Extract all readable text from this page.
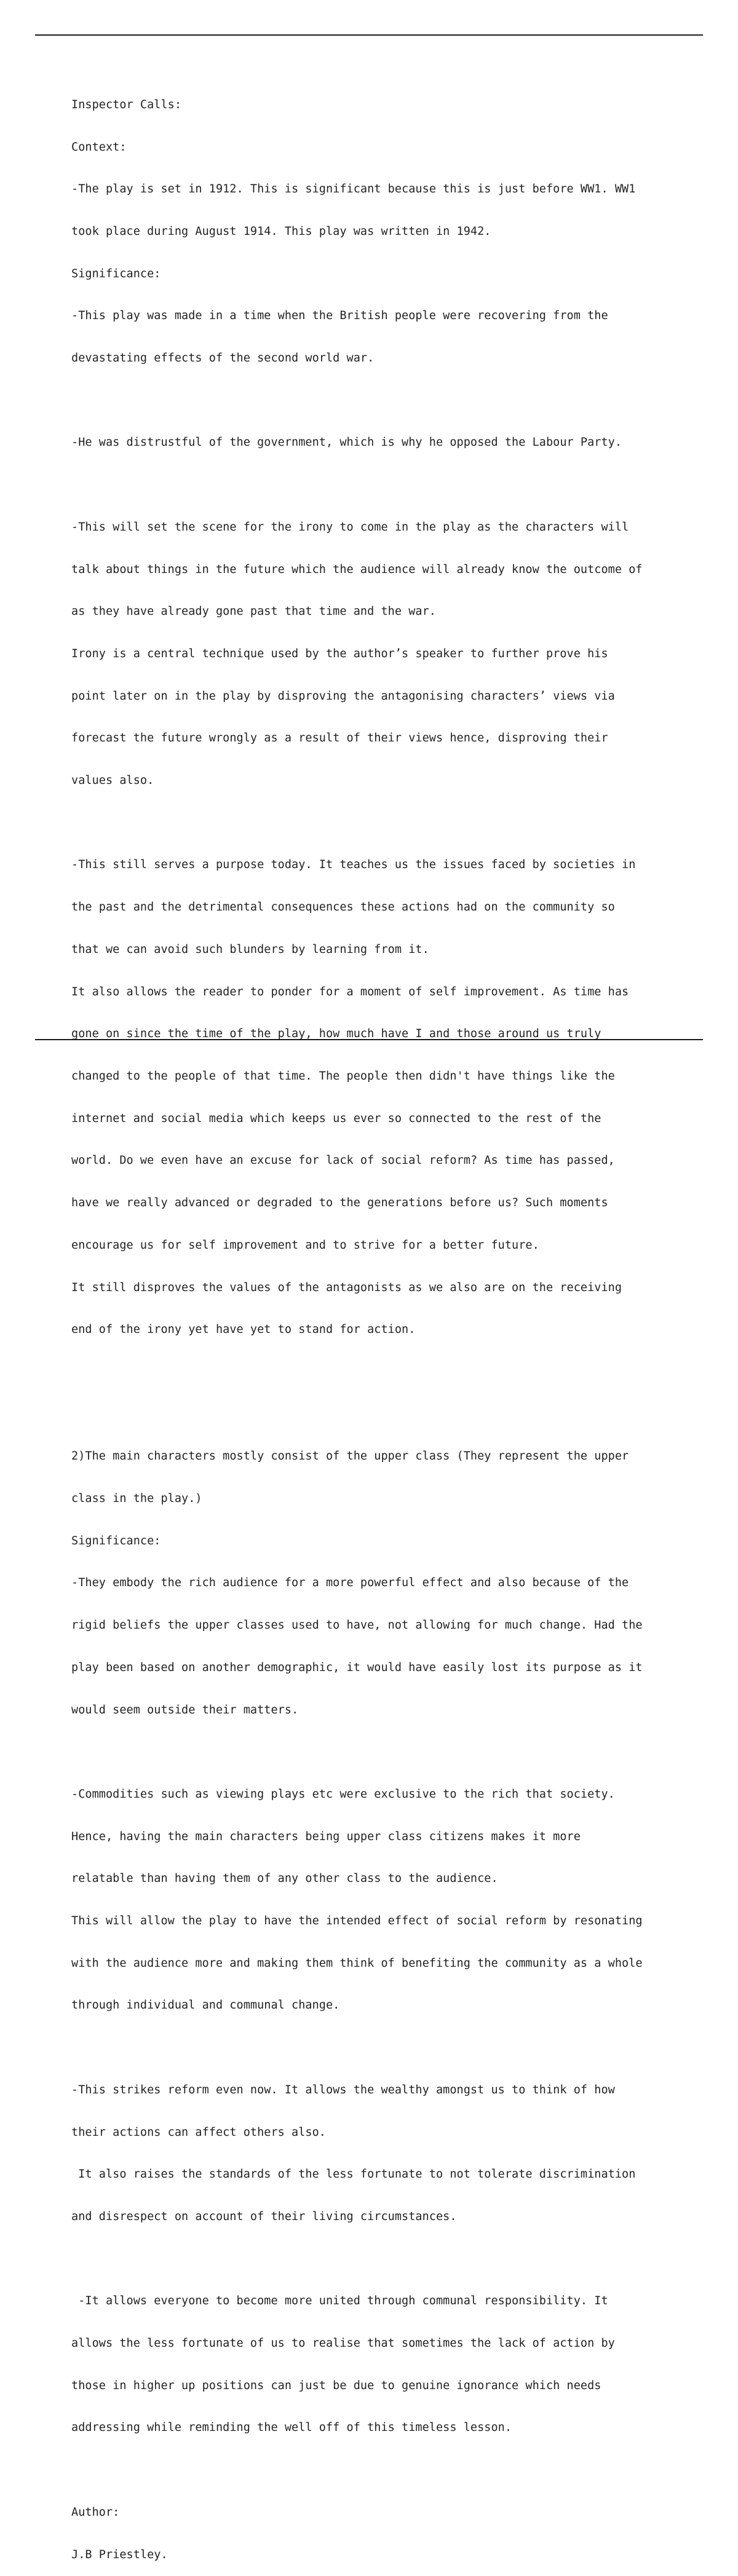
Inspector Calls:

Context:

-The play is set in 1912. This is significant because this is just before WW1. WW1

took place during August 1914. This play was written in 1942.

Significance:

-This play was made in a time when the British people were recovering from the

devastating effects of the second world war.

-He was distrustful of the government, which is why he opposed the Labour Party.

-This will set the scene for the irony to come in the play as the characters will

talk about things in the future which the audience will already know the outcome of

as they have already gone past that time and the war.

Irony is a central technique used by the author’s speaker to further prove his

point later on in the play by disproving the antagonising characters’ views via

forecast the future wrongly as a result of their views hence, disproving their

values also.

-This still serves a purpose today. It teaches us the issues faced by societies in

the past and the detrimental consequences these actions had on the community so

that we can avoid such blunders by learning from it.

It also allows the reader to ponder for a moment of self improvement. As time has

gone on since the time of the play, how much have I and those around us truly

changed to the people of that time. The people then didn't have things like the

internet and social media which keeps us ever so connected to the rest of the

world. Do we even have an excuse for lack of social reform? As time has passed,

have we really advanced or degraded to the generations before us? Such moments

encourage us for self improvement and to strive for a better future.

It still disproves the values of the antagonists as we also are on the receiving

end of the irony yet have yet to stand for action.

2)The main characters mostly consist of the upper class (They represent the upper

class in the play.)

Significance:

-They embody the rich audience for a more powerful effect and also because of the

rigid beliefs the upper classes used to have, not allowing for much change. Had the

play been based on another demographic, it would have easily lost its purpose as it

would seem outside their matters.

-Commodities such as viewing plays etc were exclusive to the rich that society.

Hence, having the main characters being upper class citizens makes it more

relatable than having them of any other class to the audience.

This will allow the play to have the intended effect of social reform by resonating

with the audience more and making them think of benefiting the community as a whole

through individual and communal change.

-This strikes reform even now. It allows the wealthy amongst us to think of how

their actions can affect others also.

It also raises the standards of the less fortunate to not tolerate discrimination

and disrespect on account of their living circumstances.

-It allows everyone to become more united through communal responsibility. It

allows the less fortunate of us to realise that sometimes the lack of action by

those in higher up positions can just be due to genuine ignorance which needs

addressing while reminding the well off of this timeless lesson.

Author:

J.B Priestley.
